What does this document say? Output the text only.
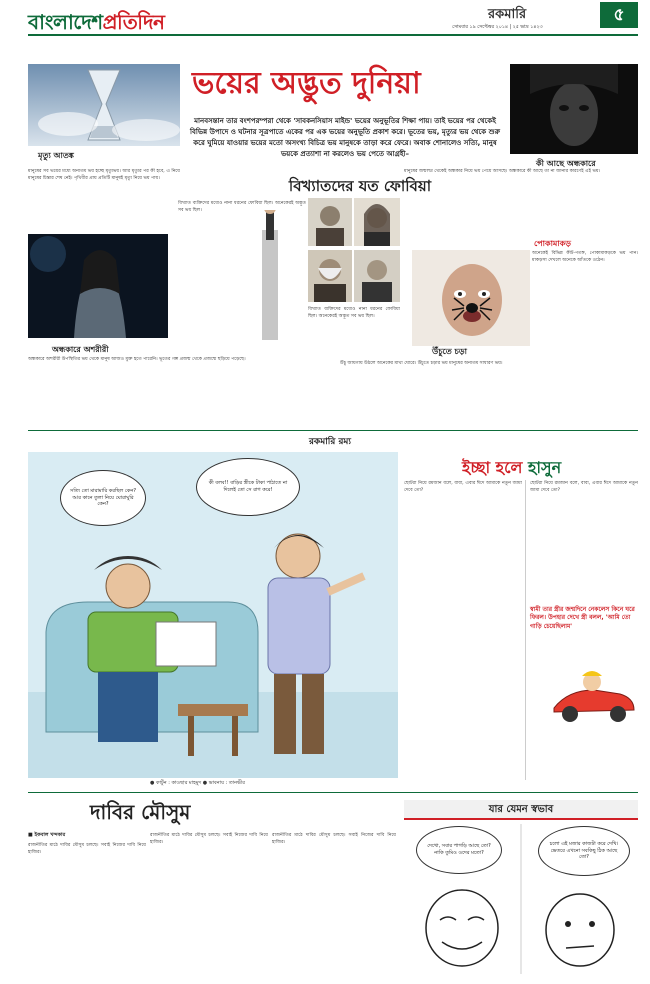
বাংলাদেশপ্রতিদিন	রকমারি	৫
সোমবার ১৯ সেপ্টেম্বর ২০১৪ | ২৫ ভাদ্র ১৪২৩
মৃত্যু আতঙ্ক
ভয়ের অদ্ভুত দুনিয়া
মানবসন্তান তার বংশপরম্পরা থেকে 'সাবকনসিয়াস মাইন্ড' ভয়ের অনুভূতির শিক্ষা পায়। তাই ভয়ের পর থেকেই বিভিন্ন উপাদে ও ঘটনার সূত্রপাতে একের পর এক ভয়ের অনুভূতি প্রকাশ করে। ভূতের ভয়, মৃত্যুর ভয় থেকে শুরু করে ঘুমিয়ে যাওয়ার ভয়ের মতো অসংখ্য বিচিত্র ভয় মানুষকে তাড়া করে ফেরে। অবাক শোনালেও সত্যি, মানুষ ভয়কে প্রত্যাশা না করলেও ভয় পেতে আগ্রহী–
কী আছে অন্ধকারে
বিখ্যাতদের যত ফোবিয়া
মানুষের সব ভয়ের মধ্যে অন্যতম ভয় হচ্ছে মৃত্যুভয়। আর মৃত্যুর পর কী হবে, এ নিয়ে মানুষের চিন্তার শেষ নেই। পৃথিবীর প্রায় প্রতিটি মানুষই মৃত্যু নিয়ে ভয় পায়।
অন্ধকারে অশরীরী
অন্ধকারে অশরীরী উপস্থিতির ভয় থেকে মানুষ আজও মুক্ত হতে পারেনি। ভূতের গল্প প্রজন্ম থেকে প্রজন্মে ছড়িয়ে পড়েছে।
বিখ্যাত ব্যক্তিদের মধ্যেও নানা ধরনের ফোবিয়া ছিল। অনেকেরই অদ্ভুত সব ভয় ছিল।
বিখ্যাত ব্যক্তিদের মধ্যেও নানা ধরনের ফোবিয়া ছিল। অনেকেরই অদ্ভুত সব ভয় ছিল।
মানুষের জন্মলগ্ন থেকেই অন্ধকার নিয়ে ভয় পেয়ে আসছে। অন্ধকারে কী আছে তা না জানার কারণেই এই ভয়।
পোকামাকড়
অনেকেই বিভিন্ন কীট-পতঙ্গ, পোকামাকড়কে ভয় পান। মাকড়সা দেখলে অনেকে আঁতকে ওঠেন।
উঁচুতে চড়া
উঁচু জায়গায় উঠলে অনেকের মাথা ঘোরে। উঁচুতে চড়ার ভয় মানুষের অন্যতম সাধারণ ভয়।
রকমারি রম্য
সত্যি তো মারামারি করছিল কেন? আর কানে তুলা নিয়ে ঘোরাঘুরি কেন?
কী বলব!! বাড়ির স্ত্রীকে টাকা পাঠাতে না দিলেই তো সে রাগ করে!
● কার্টুন : কাওছার মাহমুদ ● ভাবনায় : তানভীর
ইচ্ছা হলে হাসুন
ছোটরা নিয়ে রমজান বলে, বাবা, এবার ঈদে আমাকে নতুন জামা দেবে তো?
ছোটরা নিয়ে রমজান বলে, বাবা, এবার ঈদে আমাকে নতুন জামা দেবে তো?
স্বামী তার স্ত্রীর জন্মদিনে নেকলেস কিনে ঘরে ফিরল। উপহার দেখে স্ত্রী বলল, 'আমি তো গাড়ি চেয়েছিলাম'
দাবির মৌসুম
■ ইকবাল খন্দকার
রাজনীতির মাঠে দাবির মৌসুম চলছে। সবাই নিজের দাবি নিয়ে হাজির।
রাজনীতির মাঠে দাবির মৌসুম চলছে। সবাই নিজের দাবি নিয়ে হাজির।
রাজনীতির মাঠে দাবির মৌসুম চলছে। সবাই নিজের দাবি নিয়ে হাজির।
যার যেমন স্বভাব
দেখো, সবার পাগড়ি আছে তো? নাকি তুমিও ওদের মতো?
চলো এই মজার কাজটা করে দেখি। ভেতরে এখনো সবকিছু ঠিক আছে তো?
